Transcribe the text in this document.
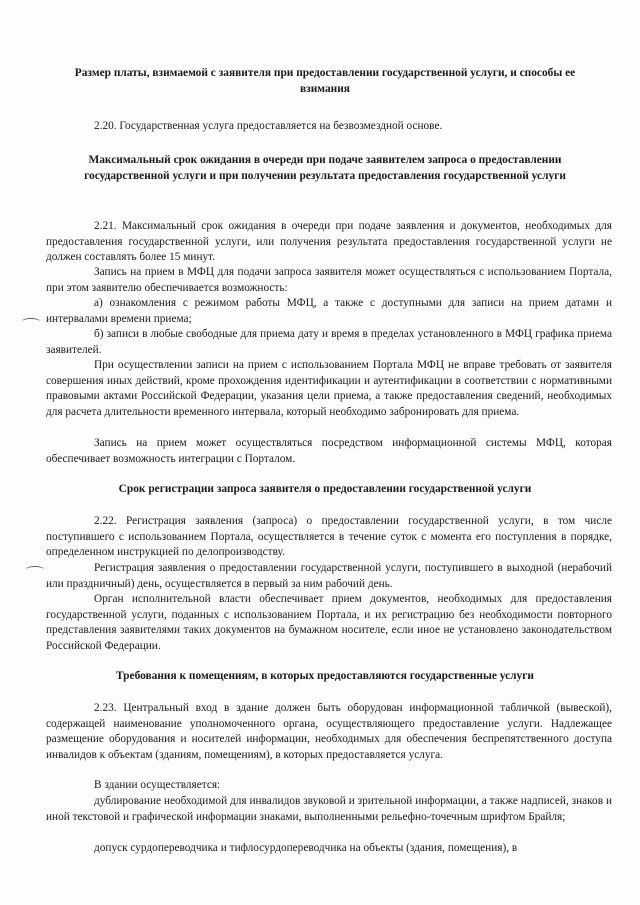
Размер платы, взимаемой с заявителя при предоставлении государственной услуги, и способы ее взимания

2.20. Государственная услуга предоставляется на безвозмездной основе.

Максимальный срок ожидания в очереди при подаче заявителем запроса о предоставлении государственной услуги и при получении результата предоставления государственной услуги

2.21. Максимальный срок ожидания в очереди при подаче заявления и документов, необходимых для предоставления государственной услуги, или получения результата предоставления государственной услуги не должен составлять более 15 минут.

Запись на прием в МФЦ для подачи запроса заявителя может осуществляться с использованием Портала, при этом заявителю обеспечивается возможность:

а) ознакомления с режимом работы МФЦ, а также с доступными для записи на прием датами и интервалами времени приема;

б) записи в любые свободные для приема дату и время в пределах установленного в МФЦ графика приема заявителей.

При осуществлении записи на прием с использованием Портала МФЦ не вправе требовать от заявителя совершения иных действий, кроме прохождения идентификации и аутентификации в соответствии с нормативными правовыми актами Российской Федерации, указания цели приема, а также предоставления сведений, необходимых для расчета длительности временного интервала, который необходимо забронировать для приема.

Запись на прием может осуществляться посредством информационной системы МФЦ, которая обеспечивает возможность интеграции с Порталом.

Срок регистрации запроса заявителя о предоставлении государственной услуги

2.22. Регистрация заявления (запроса) о предоставлении государственной услуги, в том числе поступившего с использованием Портала, осуществляется в течение суток с момента его поступления в порядке, определенном инструкцией по делопроизводству.

Регистрация заявления о предоставлении государственной услуги, поступившего в выходной (нерабочий или праздничный) день, осуществляется в первый за ним рабочий день.

Орган исполнительной власти обеспечивает прием документов, необходимых для предоставления государственной услуги, поданных с использованием Портала, и их регистрацию без необходимости повторного представления заявителями таких документов на бумажном носителе, если иное не установлено законодательством Российской Федерации.

Требования к помещениям, в которых предоставляются государственные услуги

2.23. Центральный вход в здание должен быть оборудован информационной табличкой (вывеской), содержащей наименование уполномоченного органа, осуществляющего предоставление услуги. Надлежащее размещение оборудования и носителей информации, необходимых для обеспечения беспрепятственного доступа инвалидов к объектам (зданиям, помещениям), в которых предоставляется услуга.

В здании осуществляется:

дублирование необходимой для инвалидов звуковой и зрительной информации, а также надписей, знаков и иной текстовой и графической информации знаками, выполненными рельефно-точечным шрифтом Брайля;

допуск сурдопереводчика и тифлосурдопереводчика на объекты (здания, помещения), в
